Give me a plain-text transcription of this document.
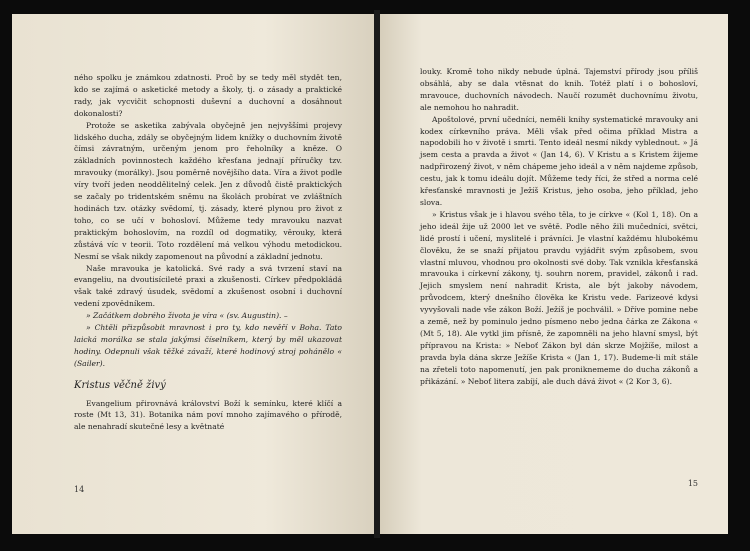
ného spolku je známkou zdatnosti. Proč by se tedy měl stydět ten, kdo se zajímá o asketické metody a školy, tj. o zásady a praktické rady, jak vycvičit schopnosti duševní a duchovní a dosáhnout dokonalosti?

Protože se asketika zabývala obyčejně jen nejvyššími projevy lidského ducha, zdály se obyčejným lidem knížky o duchovním životě čímsi závratným, určeným jenom pro řeholníky a kněze. O základních povinnostech každého křesťana jednají příručky tzv. mravouky (morálky). Jsou poměrně novějšího data. Víra a život podle víry tvoří jeden neoddělitelný celek. Jen z důvodů čistě praktických se začaly po tridentském sněmu na školách probírat ve zvláštních hodinách tzv. otázky svědomí, tj. zásady, které plynou pro život z toho, co se učí v bohosloví. Můžeme tedy mravouku nazvat praktickým bohoslovím, na rozdíl od dogmatiky, věrouky, která zůstává víc v teorii. Toto rozdělení má velkou výhodu metodickou. Nesmí se však nikdy zapomenout na původní a základní jednotu.

Naše mravouka je katolická. Své rady a svá tvrzení staví na evangeliu, na dvoutisícileté praxi a zkušenosti. Církev předpokládá však také zdravý úsudek, svědomí a zkušenost osobní i duchovní vedení zpovědníkem.

» Začátkem dobrého života je víra « (sv. Augustin). –

» Chtěli přizpůsobit mravnost i pro ty, kdo nevěří v Boha. Tato laická morálka se stala jakýmsi číselníkem, který by měl ukazovat hodiny. Odepnuli však těžké závaží, které hodinový stroj pohánělo « (Sailer).

Kristus věčně živý

Evangelium přirovnává království Boží k semínku, které klíčí a roste (Mt 13, 31). Botanika nám poví mnoho zajímavého o přírodě, ale nenahradí skutečné lesy a květnaté

14

louky. Kromě toho nikdy nebude úplná. Tajemství přírody jsou příliš obsáhlá, aby se dala vtěsnat do knih. Totéž platí i o bohosloví, mravouce, duchovních návodech. Naučí rozumět duchovnímu životu, ale nemohou ho nahradit.

Apoštolové, první učedníci, neměli knihy systematické mravouky ani kodex církevního práva. Měli však před očima příklad Mistra a napodobili ho v životě i smrti. Tento ideál nesmí nikdy vyblednout. » Já jsem cesta a pravda a život « (Jan 14, 6). V Kristu a s Kristem žijeme nadpřirozený život, v něm chápeme jeho ideál a v něm najdeme způsob, cestu, jak k tomu ideálu dojít. Můžeme tedy říci, že střed a norma celé křesťanské mravnosti je Ježíš Kristus, jeho osoba, jeho příklad, jeho slova.

» Kristus však je i hlavou svého těla, to je církve « (Kol 1, 18). On a jeho ideál žije už 2000 let ve světě. Podle něho žili mučedníci, světci, lidé prostí i učení, myslitelé i právníci. Je vlastní každému hlubokému člověku, že se snaží přijatou pravdu vyjádřit svým způsobem, svou vlastní mluvou, vhodnou pro okolnosti své doby. Tak vznikla křesťanská mravouka i církevní zákony, tj. souhrn norem, pravidel, zákonů i rad. Jejich smyslem není nahradit Krista, ale být jakoby návodem, průvodcem, který dnešního člověka ke Kristu vede. Farizeové kdysi vyvyšovali nade vše zákon Boží. Ježíš je pochválil. » Dříve pomine nebe a země, než by pominulo jedno písmeno nebo jedna čárka ze Zákona « (Mt 5, 18). Ale vytkl jim přísně, že zapomněli na jeho hlavní smysl, být přípravou na Krista: » Neboť Zákon byl dán skrze Mojžíše, milost a pravda byla dána skrze Ježíše Krista « (Jan 1, 17). Budeme-li mít stále na zřeteli toto napomenutí, jen pak proniknememe do ducha zákonů a přikázání. » Neboť litera zabíjí, ale duch dává život « (2 Kor 3, 6).

15
